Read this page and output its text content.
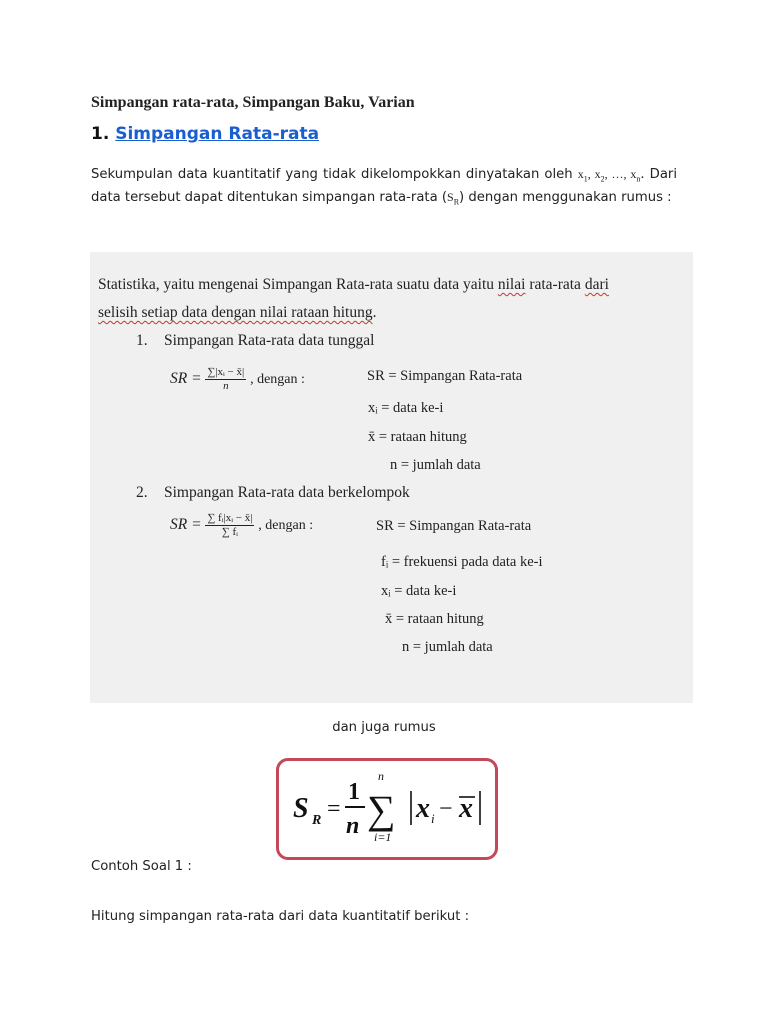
Simpangan rata-rata, Simpangan Baku, Varian
1. Simpangan Rata-rata
Sekumpulan data kuantitatif yang tidak dikelompokkan dinyatakan oleh $x_1$, $x_2$, …, $x_n$. Dari data tersebut dapat ditentukan simpangan rata-rata $(S_R)$ dengan menggunakan rumus :
Statistika, yaitu mengenai Simpangan Rata-rata suatu data yaitu nilai rata-rata dari
selisih setiap data dengan nilai rataan hitung.
1. Simpangan Rata-rata data tunggal
SR = $\frac{\text{∑|xᵢ − x̄|}}{n}$ , dengan :	SR = Simpangan Rata-rata
xᵢ = data ke-i
x̄ = rataan hitung
n = jumlah data
2. Simpangan Rata-rata data berkelompok
SR = $\frac{\text{∑ fᵢ|xᵢ − x̄|}}{\text{∑ fᵢ}}$ , dengan :	SR = Simpangan Rata-rata
fᵢ = frekuensi pada data ke-i
xᵢ = data ke-i
x̄ = rataan hitung
n = jumlah data
dan juga rumus
S R =
1
n
n
∑
i=1
x i − x
Contoh Soal 1 :
Hitung simpangan rata-rata dari data kuantitatif berikut :
